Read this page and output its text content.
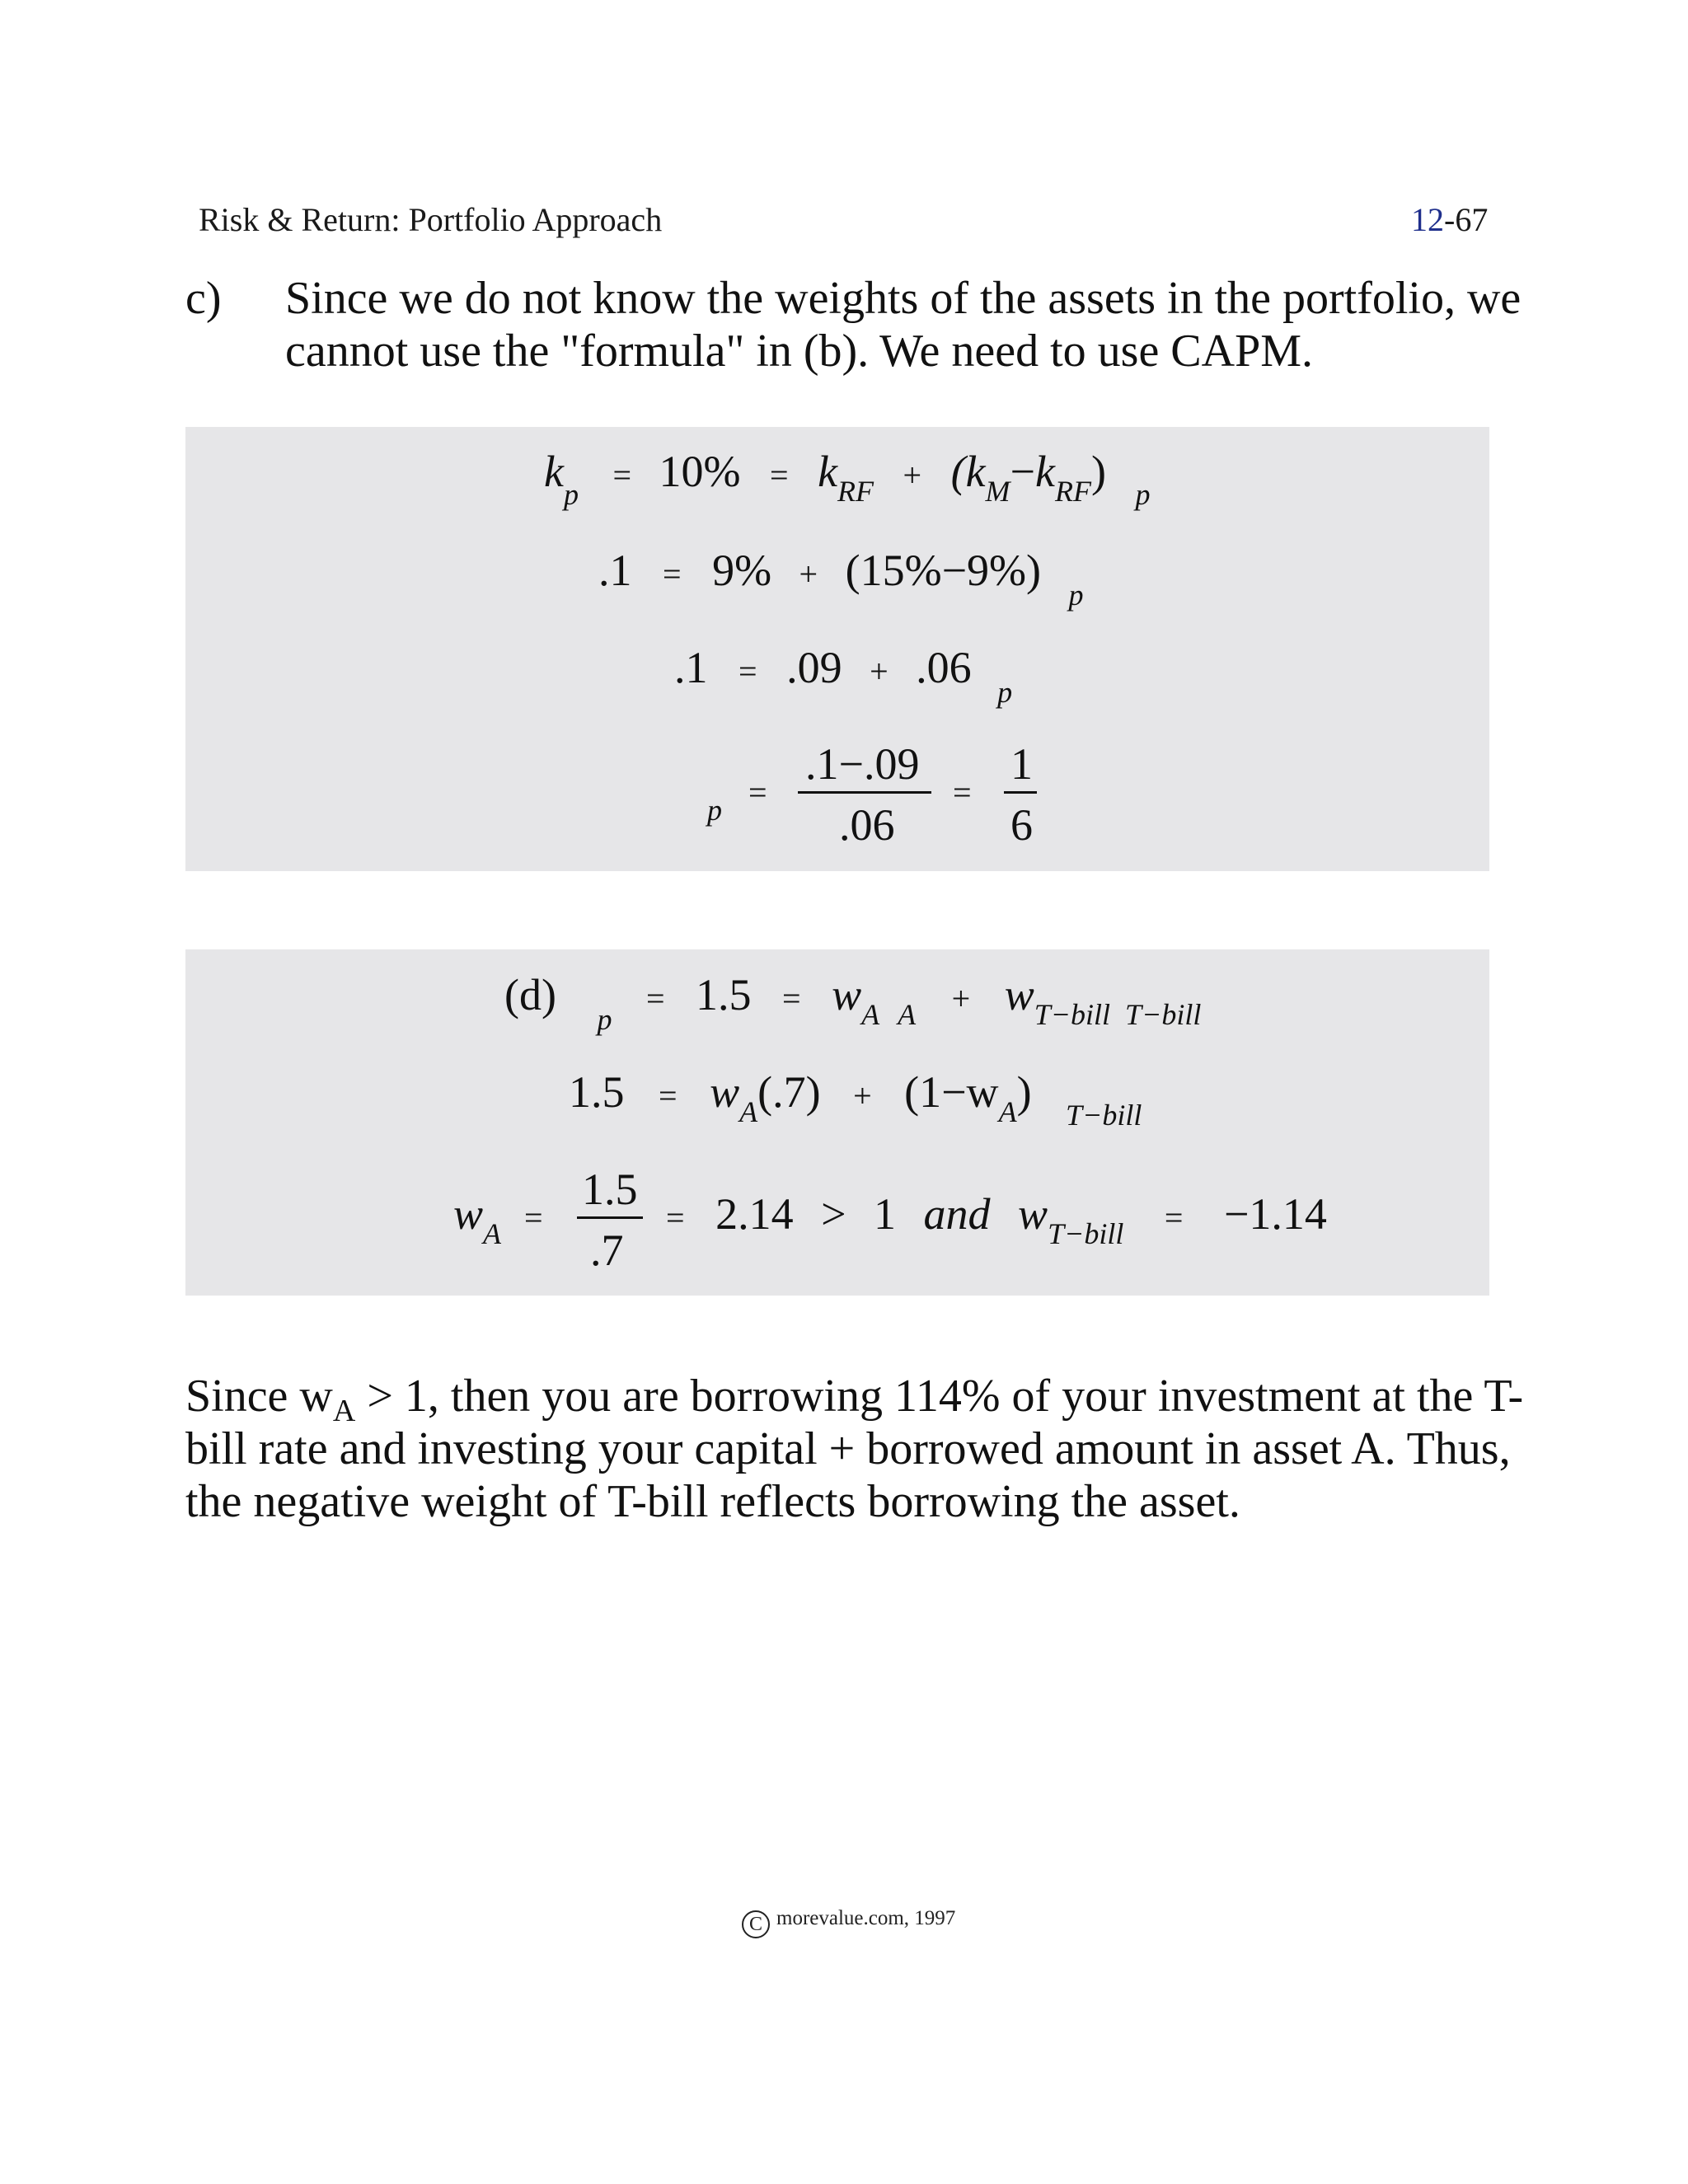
Risk & Return: Portfolio Approach	12-67
c) Since we do not know the weights of the assets in the portfolio, we
cannot use the "formula" in (b). We need to use CAPM.
$k_p = 10\% = k_{RF} + (k_M-k_{RF})$ $_p$
.1 = 9% + (15%−9%) $_p$
.1 = .09 + .06 $_p$
p =
.1−.09
.06
=
1
6
(d) $_p = 1.5 = w_A$ $_A + w_{T-bill}$ $_{T-bill}$
$1.5 = w_A(.7) + (1-w_A)$ $_{T-bill}$
$w_A$ =
1.5
.7
= 2.14 > 1 and $w_{T-bill} = -1.14$
Since $w_A > 1$, then you are borrowing 114% of your investment at the T-
bill rate and investing your capital + borrowed amount in asset A. Thus,
the negative weight of T-bill reflects borrowing the asset.
C morevalue.com, 1997
